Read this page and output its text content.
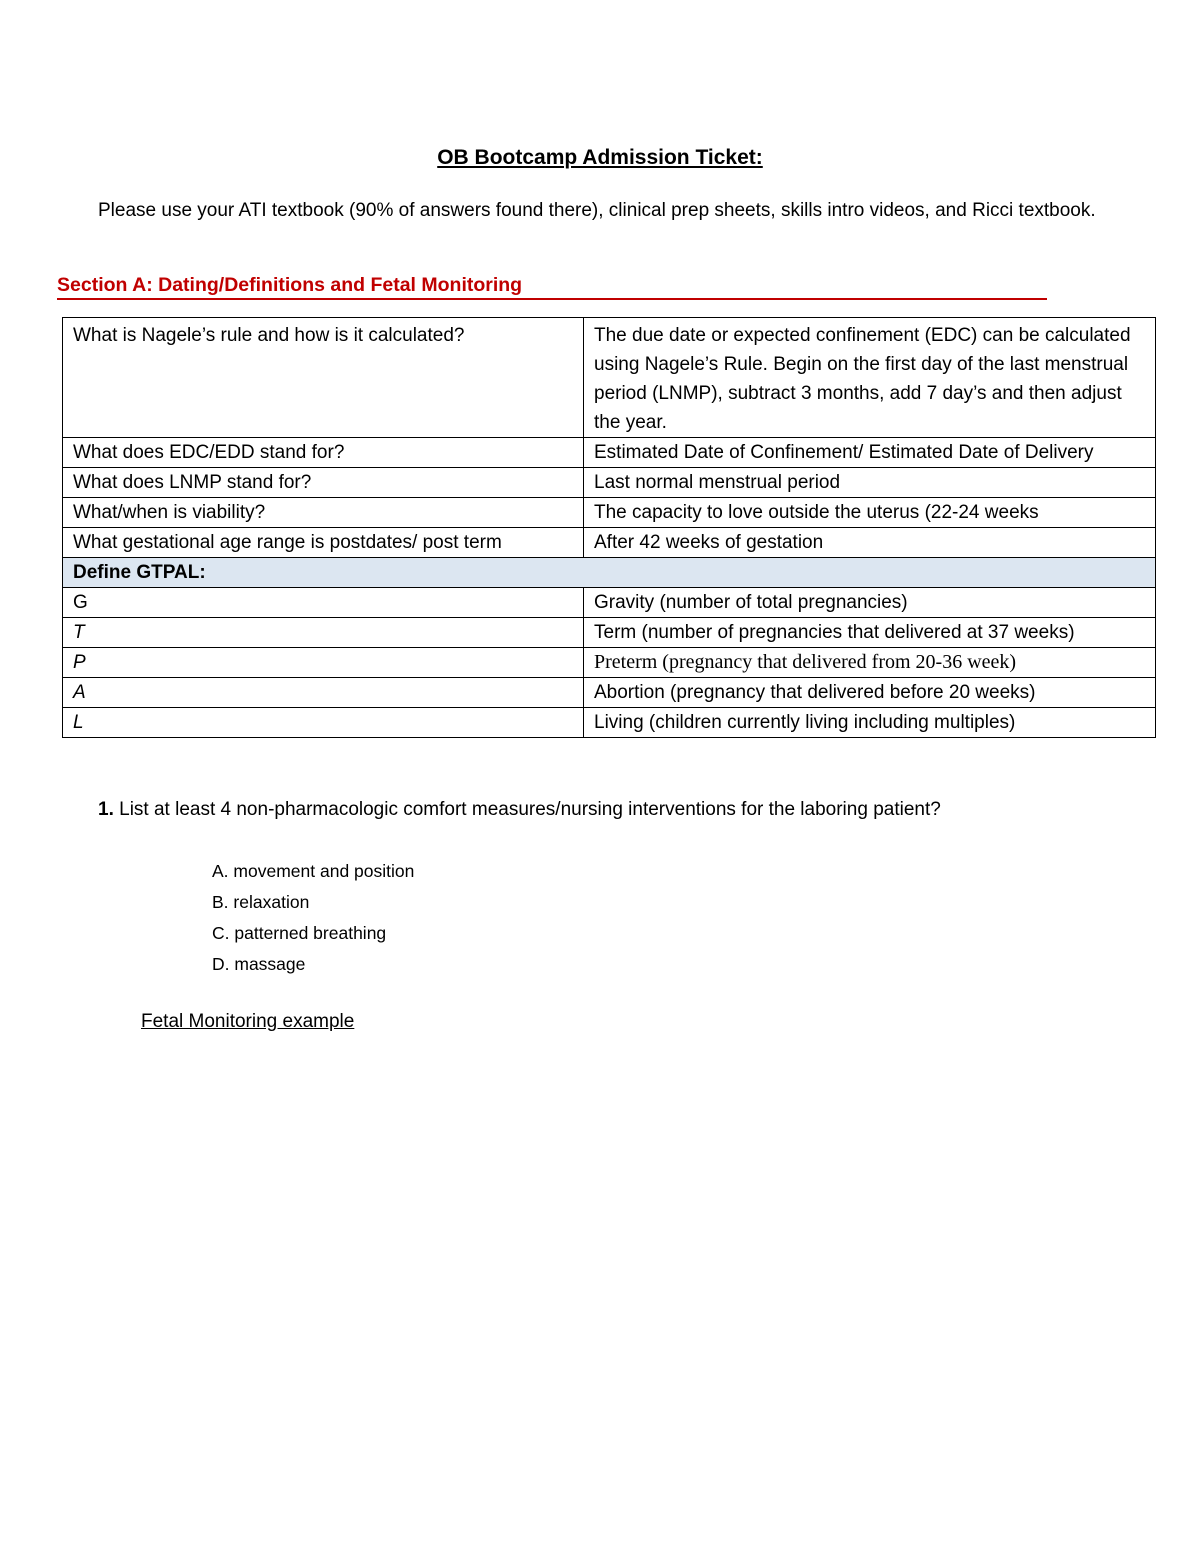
OB Bootcamp Admission Ticket:
Please use your ATI textbook (90% of answers found there), clinical prep sheets, skills intro videos, and Ricci textbook.
Section A: Dating/Definitions and Fetal Monitoring
What is Nagele’s rule and how is it calculated?	The due date or expected confinement (EDC) can be calculated using Nagele’s Rule. Begin on the first day of the last menstrual period (LNMP), subtract 3 months, add 7 day’s and then adjust the year.
What does EDC/EDD stand for?	Estimated Date of Confinement/ Estimated Date of Delivery
What does LNMP stand for?	Last normal menstrual period
What/when is viability?	The capacity to love outside the uterus (22-24 weeks
What gestational age range is postdates/ post term	After 42 weeks of gestation
Define GTPAL:	
G	Gravity (number of total pregnancies)
T	Term (number of pregnancies that delivered at 37 weeks)
P	Preterm (pregnancy that delivered from 20-36 week)
A	Abortion (pregnancy that delivered before 20 weeks)
L	Living (children currently living including multiples)
1. List at least 4 non-pharmacologic comfort measures/nursing interventions for the laboring patient?
A. movement and position
B. relaxation
C. patterned breathing
D. massage
Fetal Monitoring example
